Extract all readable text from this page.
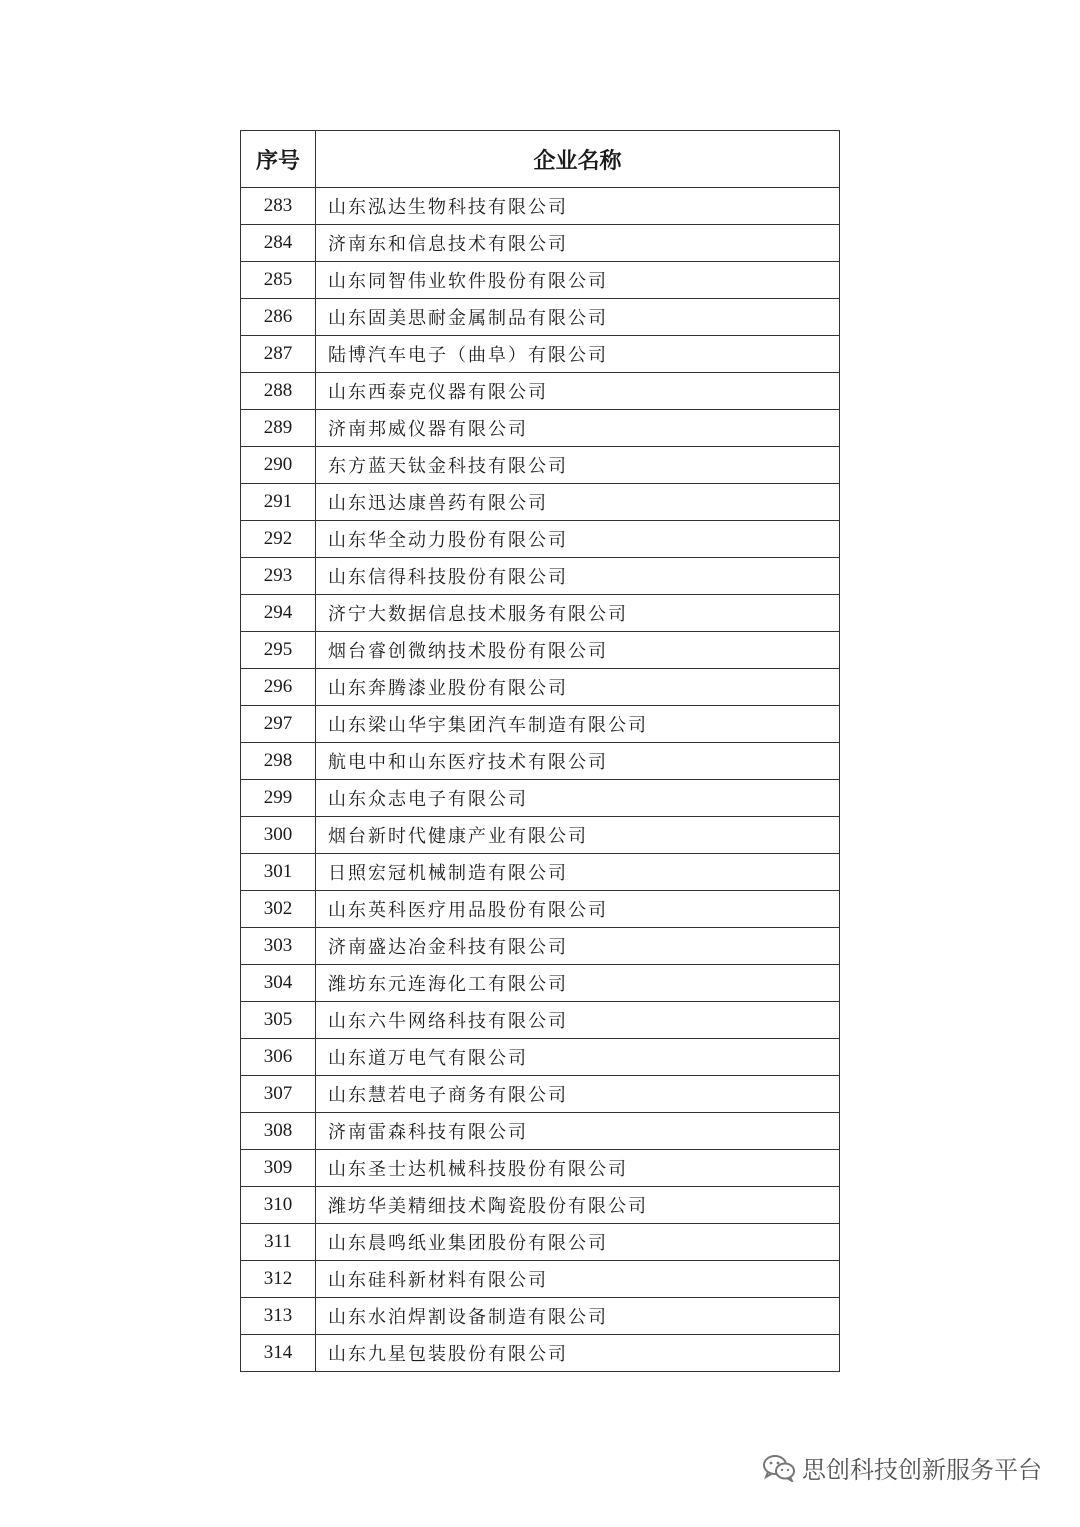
序号	企业名称
283	山东泓达生物科技有限公司
284	济南东和信息技术有限公司
285	山东同智伟业软件股份有限公司
286	山东固美思耐金属制品有限公司
287	陆博汽车电子（曲阜）有限公司
288	山东西泰克仪器有限公司
289	济南邦威仪器有限公司
290	东方蓝天钛金科技有限公司
291	山东迅达康兽药有限公司
292	山东华全动力股份有限公司
293	山东信得科技股份有限公司
294	济宁大数据信息技术服务有限公司
295	烟台睿创微纳技术股份有限公司
296	山东奔腾漆业股份有限公司
297	山东梁山华宇集团汽车制造有限公司
298	航电中和山东医疗技术有限公司
299	山东众志电子有限公司
300	烟台新时代健康产业有限公司
301	日照宏冠机械制造有限公司
302	山东英科医疗用品股份有限公司
303	济南盛达冶金科技有限公司
304	潍坊东元连海化工有限公司
305	山东六牛网络科技有限公司
306	山东道万电气有限公司
307	山东慧若电子商务有限公司
308	济南雷森科技有限公司
309	山东圣士达机械科技股份有限公司
310	潍坊华美精细技术陶瓷股份有限公司
311	山东晨鸣纸业集团股份有限公司
312	山东硅科新材料有限公司
313	山东水泊焊割设备制造有限公司
314	山东九星包装股份有限公司
思创科技创新服务平台
